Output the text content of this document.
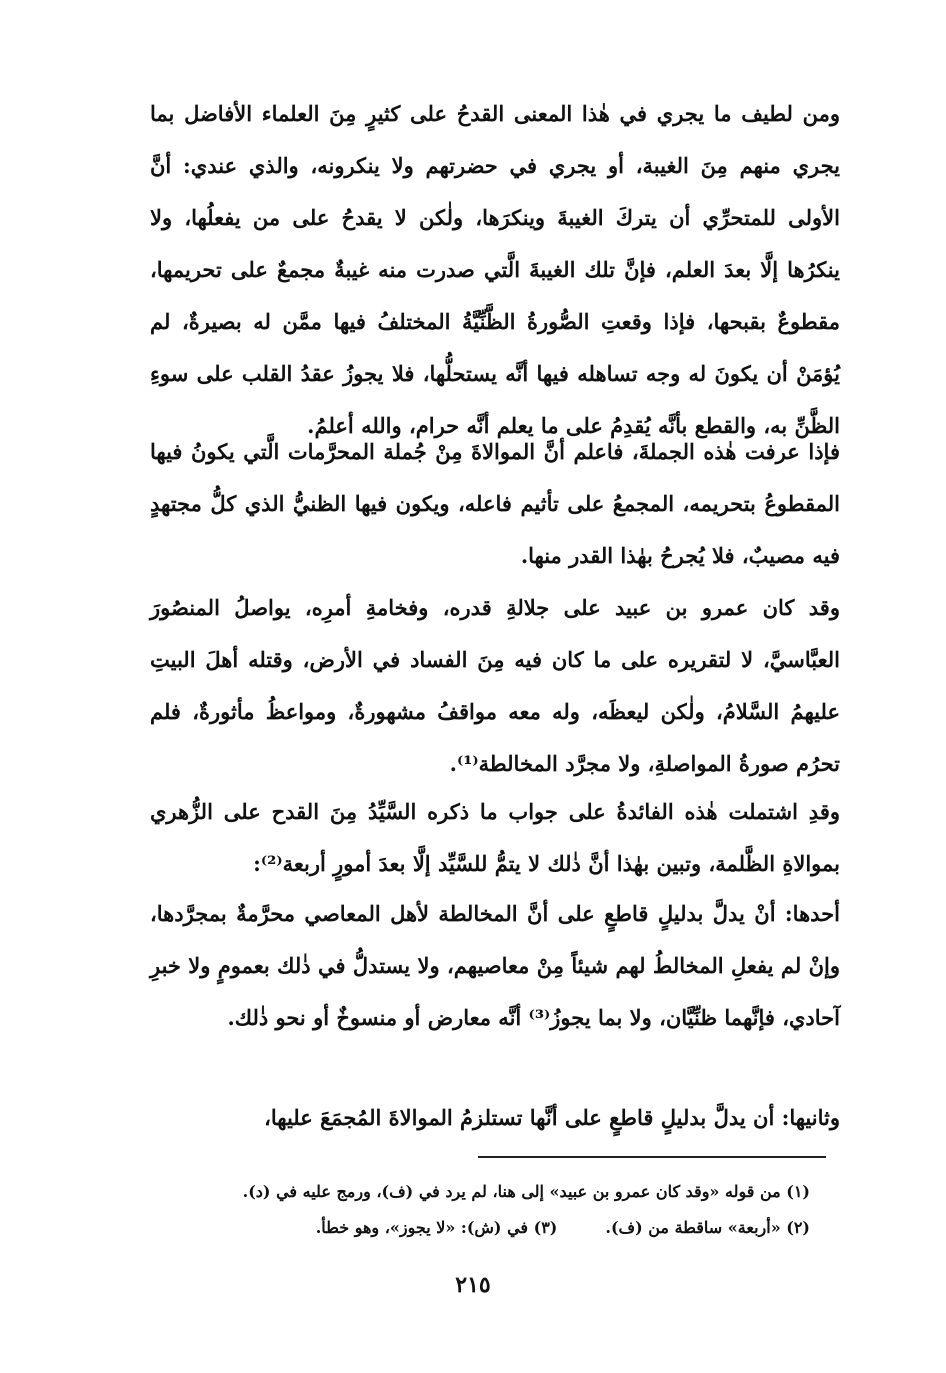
ومن لطيف ما يجري في هٰذا المعنى القدحُ على كثيرٍ مِنَ العلماء الأفاضل بما يجري منهم مِنَ الغيبة، أو يجري في حضرتهم ولا ينكرونه، والذي عندي: أنَّ الأولى للمتحرِّي أن يتركَ الغيبةَ وينكرَها، ولٰكن لا يقدحُ على من يفعلُها، ولا ينكرُها إلَّا بعدَ العلم، فإنَّ تلك الغيبةَ الَّتي صدرت منه غيبةٌ مجمعٌ على تحريمها، مقطوعٌ بقبحها، فإذا وقعتِ الصُّورةُ الظَّنِّيَّةُ المختلفُ فيها ممَّن له بصيرةٌ، لم يُؤمَنْ أن يكونَ له وجه تساهله فيها أنَّه يستحلُّها، فلا يجوزُ عقدُ القلب على سوءِ الظَّنِّ به، والقطع بأنَّه يُقدِمُ على ما يعلم أنَّه حرام، والله أعلمُ.

فإذا عرفت هٰذه الجملةَ، فاعلم أنَّ الموالاةَ مِنْ جُملة المحرَّمات الَّتي يكونُ فيها المقطوعُ بتحريمه، المجمعُ على تأثيم فاعله، ويكون فيها الظنيُّ الذي كلُّ مجتهدٍ فيه مصيبٌ، فلا يُجرحُ بهٰذا القدر منها.

وقد كان عمرو بن عبيد على جلالةِ قدره، وفخامةِ أمرِه، يواصلُ المنصُورَ العبَّاسيَّ، لا لتقريره على ما كان فيه مِنَ الفساد في الأرض، وقتله أهلَ البيتِ عليهمُ السَّلامُ، ولٰكن ليعظَه، وله معه مواقفُ مشهورةٌ، ومواعظُ مأثورةٌ، فلم تحرُم صورةُ المواصلةِ، ولا مجرَّد المخالطة⁽¹⁾.

وقدِ اشتملت هٰذه الفائدةُ على جواب ما ذكره السَّيِّدُ مِنَ القدح على الزُّهري بموالاةِ الظَّلمة، وتبين بهٰذا أنَّ ذٰلك لا يتمُّ للسَّيِّد إلَّا بعدَ أمورٍ أربعة⁽²⁾:

أحدها: أنْ يدلَّ بدليلٍ قاطعٍ على أنَّ المخالطة لأهل المعاصي محرَّمةٌ بمجرَّدها، وإنْ لم يفعلِ المخالطُ لهم شيئاً مِنْ معاصيهم، ولا يستدلُّ في ذٰلك بعمومٍ ولا خبرِ آحادي، فإنَّهما ظنِّيَّان، ولا بما يجوزُ⁽³⁾ أنَّه معارض أو منسوخٌ أو نحو ذٰلك.

وثانيها: أن يدلَّ بدليلٍ قاطعٍ على أنَّها تستلزمُ الموالاةَ المُجمَعَ عليها،

(١) من قوله «وقد كان عمرو بن عبيد» إلى هنا، لم يرد في (ف)، ورمج عليه في (د).
(٢) «أربعة» ساقطة من (ف).
(٣) في (ش): «لا يجوز»، وهو خطأ.
٢١٥
